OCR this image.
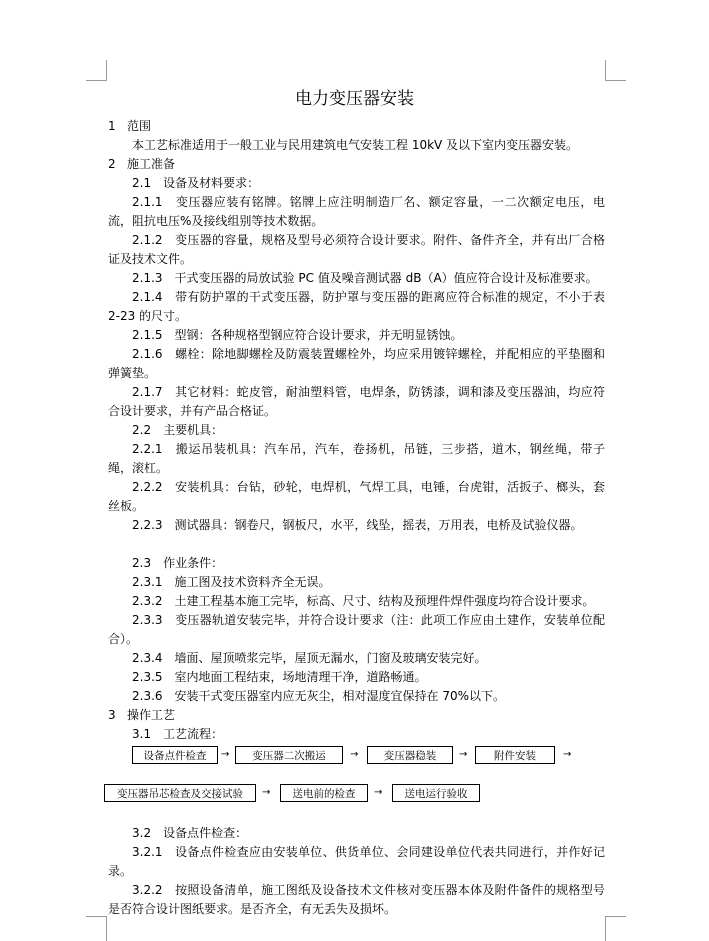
电力变压器安装

1 范围

本工艺标准适用于一般工业与民用建筑电气安装工程 10kV 及以下室内变压器安装。

2 施工准备

2.1　设备及材料要求：

2.1.1　变压器应装有铭牌。铭牌上应注明制造厂名、额定容量，一二次额定电压，电流，阻抗电压%及接线组别等技术数据。

2.1.2　变压器的容量，规格及型号必须符合设计要求。附件、备件齐全，并有出厂合格证及技术文件。

2.1.3　干式变压器的局放试验 PC 值及噪音测试器 dB（A）值应符合设计及标准要求。

2.1.4　带有防护罩的干式变压器，防护罩与变压器的距离应符合标准的规定，不小于表 2-23 的尺寸。

2.1.5　型钢：各种规格型钢应符合设计要求，并无明显锈蚀。

2.1.6　螺栓：除地脚螺栓及防震装置螺栓外，均应采用镀锌螺栓，并配相应的平垫圈和弹簧垫。

2.1.7　其它材料：蛇皮管，耐油塑料管，电焊条，防锈漆，调和漆及变压器油，均应符合设计要求，并有产品合格证。

2.2　主要机具：

2.2.1　搬运吊装机具：汽车吊，汽车，卷扬机，吊链，三步搭，道木，钢丝绳，带子绳，滚杠。

2.2.2　安装机具：台钻，砂轮，电焊机，气焊工具，电锤，台虎钳，活扳子、榔头，套丝板。

2.2.3　测试器具：钢卷尺，钢板尺，水平，线坠，摇表，万用表，电桥及试验仪器。

2.3　作业条件：

2.3.1　施工图及技术资料齐全无误。

2.3.2　土建工程基本施工完毕，标高、尺寸、结构及预埋件焊件强度均符合设计要求。

2.3.3　变压器轨道安装完毕，并符合设计要求（注：此项工作应由土建作，安装单位配合）。

2.3.4　墙面、屋顶喷浆完毕，屋顶无漏水，门窗及玻璃安装完好。

2.3.5　室内地面工程结束，场地清理干净，道路畅通。

2.3.6　安装干式变压器室内应无灰尘，相对湿度宜保持在 70%以下。

3 操作工艺

3.1　工艺流程：

设备点件检查	→	变压器二次搬运	→	变压器稳装	→	附件安装	→
变压器吊芯检查及交接试验	→	送电前的检查	→	送电运行验收

3.2　设备点件检查：

3.2.1　设备点件检查应由安装单位、供货单位、会同建设单位代表共同进行，并作好记录。

3.2.2　按照设备清单，施工图纸及设备技术文件核对变压器本体及附件备件的规格型号是否符合设计图纸要求。是否齐全，有无丢失及损坏。
